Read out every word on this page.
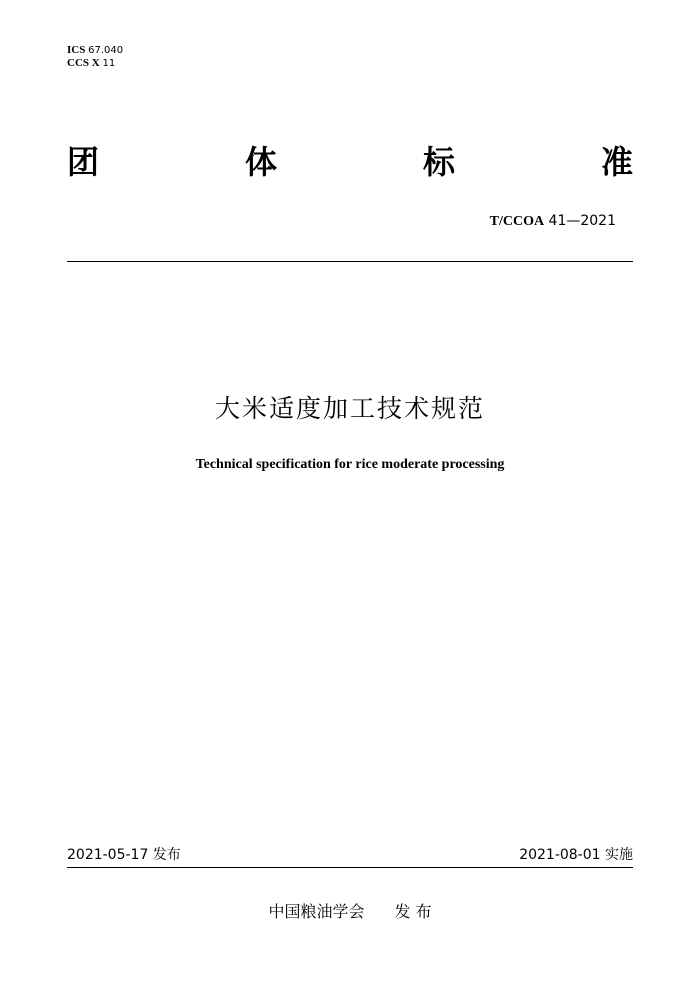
ICS 67.040
CCS X 11
团	体	标	准
T/CCOA 41—2021
大米适度加工技术规范
Technical specification for rice moderate processing
2021-05-17 发布	2021-08-01 实施
中国粮油学会 发 布
